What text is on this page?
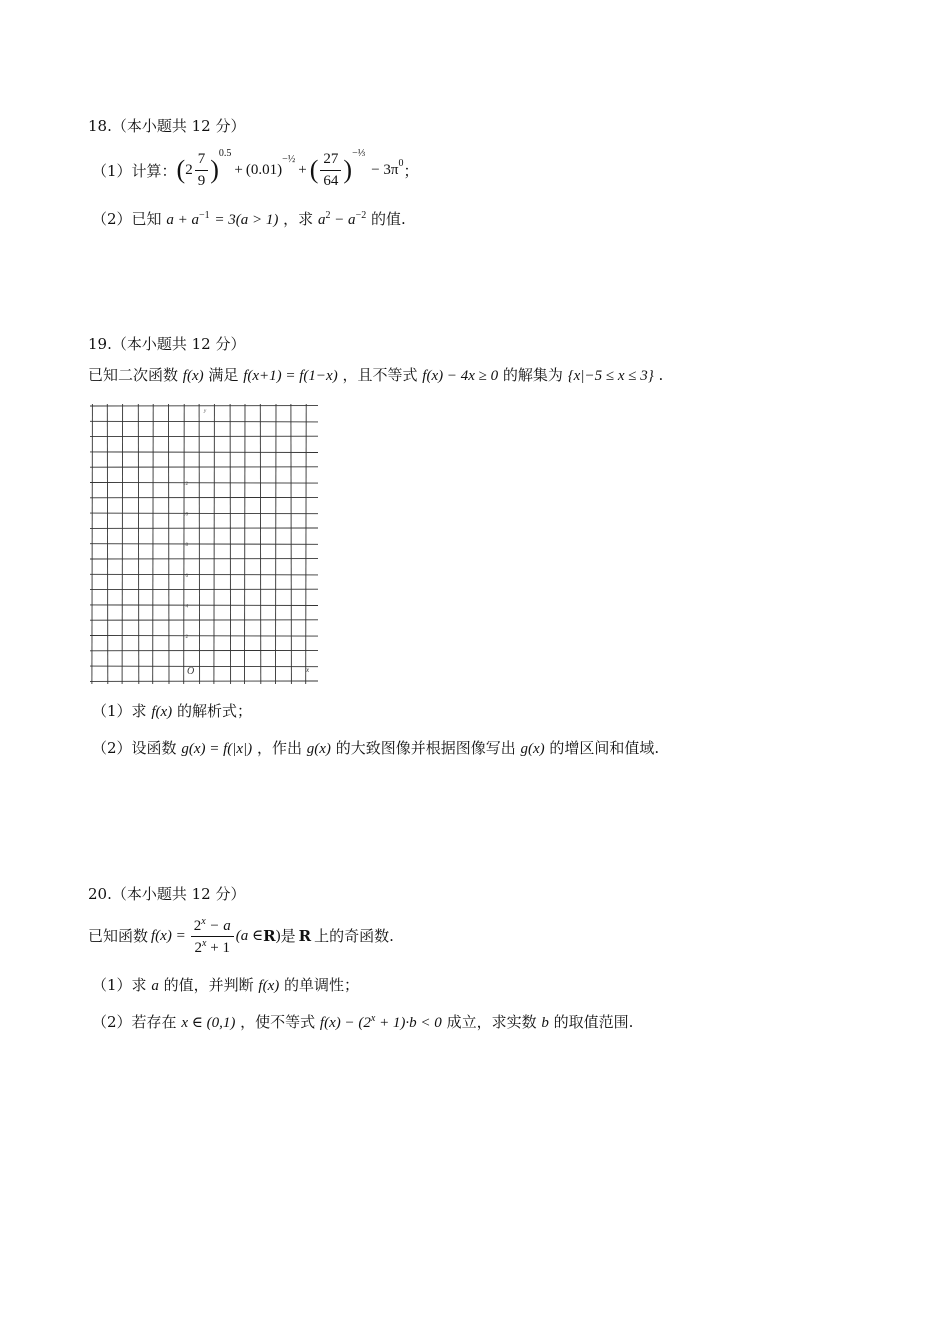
18.（本小题共 12 分）
（1）计算： ( $2 \frac{7}{9}$ )
$^{0.5}$
+ ( 0.01 )
$^{-\frac{1}{2}}$
+ ( $\frac{27}{64}$ )
$^{-\frac{1}{3}}$
− $3\pi^0$ ；
（2）已知 $a + a^{-1} = 3(a > 1)$ ，求 $a^2 - a^{-2}$ 的值.
19.（本小题共 12 分）
已知二次函数 f(x) 满足 f(x+1) = f(1−x) ，且不等式 f(x) − 4x ≥ 0 的解集为 {x|−5 ≤ x ≤ 3} .
12
10
8
6
4
2
O	x
y
（1）求 f(x) 的解析式；
（2）设函数 g(x) = f(|x|) ，作出 g(x) 的大致图像并根据图像写出 g(x) 的增区间和值域.
20.（本小题共 12 分）
已知函数 $f(x) = \frac{2^x - a}{2^x + 1} (a$ ∈ R ) 是 R 上的奇函数.
（1）求 a 的值，并判断 f(x) 的单调性；
（2）若存在 x ∈ (0,1) ，使不等式 $f(x) - (2^x + 1)\cdot b < 0$ 成立，求实数 b 的取值范围.
